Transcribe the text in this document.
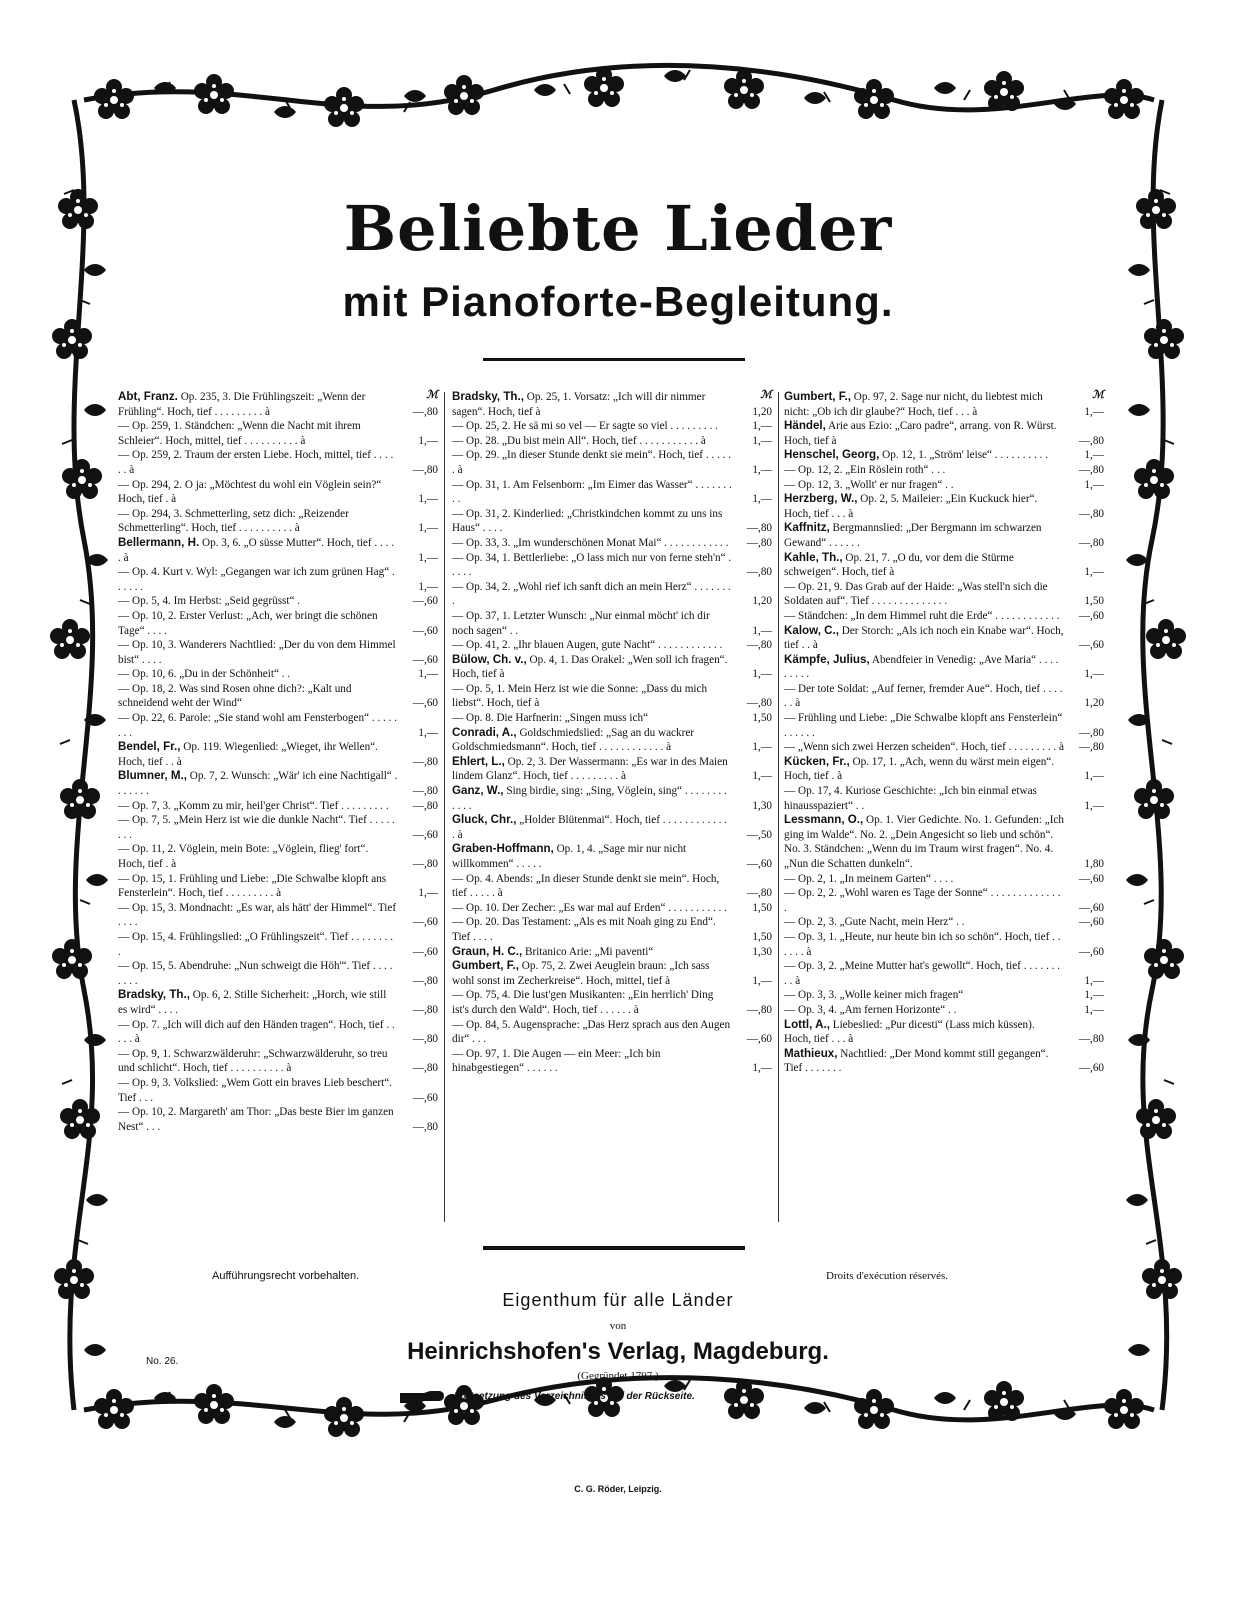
Beliebte Lieder
mit Pianoforte-Begleitung.
ℳ
Abt, Franz. Op. 235, 3. Die Frühlingszeit: „Wenn der Frühling“. Hoch, tief . . . . . . . . . à	—,80
— Op. 259, 1. Ständchen: „Wenn die Nacht mit ihrem Schleier“. Hoch, mittel, tief . . . . . . . . . . à	1,—
— Op. 259, 2. Traum der ersten Liebe. Hoch, mittel, tief . . . . . . à	—,80
— Op. 294, 2. O ja: „Möchtest du wohl ein Vöglein sein?“ Hoch, tief . à	1,—
— Op. 294, 3. Schmetterling, setz dich: „Reizender Schmetterling“. Hoch, tief . . . . . . . . . . à	1,—
Bellermann, H. Op. 3, 6. „O süsse Mutter“. Hoch, tief . . . . . à	1,—
— Op. 4. Kurt v. Wyl: „Gegangen war ich zum grünen Hag“ . . . . . .	1,—
— Op. 5, 4. Im Herbst: „Seid gegrüsst“ .	—,60
— Op. 10, 2. Erster Verlust: „Ach, wer bringt die schönen Tage“ . . . .	—,60
— Op. 10, 3. Wanderers Nachtlied: „Der du von dem Himmel bist“ . . . .	—,60
— Op. 10, 6. „Du in der Schönheit“ . .	1,—
— Op. 18, 2. Was sind Rosen ohne dich?: „Kalt und schneidend weht der Wind“	—,60
— Op. 22, 6. Parole: „Sie stand wohl am Fensterbogen“ . . . . . . . .	1,—
Bendel, Fr., Op. 119. Wiegenlied: „Wieget, ihr Wellen“. Hoch, tief . . à	—,80
Blumner, M., Op. 7, 2. Wunsch: „Wär' ich eine Nachtigall“ . . . . . . .	—,80
— Op. 7, 3. „Komm zu mir, heil'ger Christ“. Tief . . . . . . . . .	—,80
— Op. 7, 5. „Mein Herz ist wie die dunkle Nacht“. Tief . . . . . . . .	—,60
— Op. 11, 2. Vöglein, mein Bote: „Vöglein, flieg' fort“. Hoch, tief . à	—,80
— Op. 15, 1. Frühling und Liebe: „Die Schwalbe klopft ans Fensterlein“. Hoch, tief . . . . . . . . . à	1,—
— Op. 15, 3. Mondnacht: „Es war, als hätt' der Himmel“. Tief . . . .	—,60
— Op. 15, 4. Frühlingslied: „O Frühlingszeit“. Tief . . . . . . . . .	—,60
— Op. 15, 5. Abendruhe: „Nun schweigt die Höh'“. Tief . . . . . . . .	—,80
Bradsky, Th., Op. 6, 2. Stille Sicherheit: „Horch, wie still es wird“ . . . .	—,80
— Op. 7. „Ich will dich auf den Händen tragen“. Hoch, tief . . . . . à	—,80
— Op. 9, 1. Schwarzwälderuhr: „Schwarzwälderuhr, so treu und schlicht“. Hoch, tief . . . . . . . . . . à	—,80
— Op. 9, 3. Volkslied: „Wem Gott ein braves Lieb beschert“. Tief . . .	—,60
— Op. 10, 2. Margareth' am Thor: „Das beste Bier im ganzen Nest“ . . .	—,80
ℳ
Bradsky, Th., Op. 25, 1. Vorsatz: „Ich will dir nimmer sagen“. Hoch, tief à	1,20
— Op. 25, 2. He sä mi so vel — Er sagte so viel . . . . . . . . .	1,—
— Op. 28. „Du bist mein All“. Hoch, tief . . . . . . . . . . . à	1,—
— Op. 29. „In dieser Stunde denkt sie mein“. Hoch, tief . . . . . . à	1,—
— Op. 31, 1. Am Felsenborn: „Im Eimer das Wasser“ . . . . . . . . .	1,—
— Op. 31, 2. Kinderlied: „Christkindchen kommt zu uns ins Haus“ . . . .	—,80
— Op. 33, 3. „Im wunderschönen Monat Mai“ . . . . . . . . . . . .	—,80
— Op. 34, 1. Bettlerliebe: „O lass mich nur von ferne steh'n“ . . . . .	—,80
— Op. 34, 2. „Wohl rief ich sanft dich an mein Herz“ . . . . . . . .	1,20
— Op. 37, 1. Letzter Wunsch: „Nur einmal möcht' ich dir noch sagen“ . .	1,—
— Op. 41, 2. „Ihr blauen Augen, gute Nacht“ . . . . . . . . . . . .	—,80
Bülow, Ch. v., Op. 4, 1. Das Orakel: „Wen soll ich fragen“. Hoch, tief à	1,—
— Op. 5, 1. Mein Herz ist wie die Sonne: „Dass du mich liebst“. Hoch, tief à	—,80
— Op. 8. Die Harfnerin: „Singen muss ich“	1,50
Conradi, A., Goldschmiedslied: „Sag an du wackrer Goldschmiedsmann“. Hoch, tief . . . . . . . . . . . . à	1,—
Ehlert, L., Op. 2, 3. Der Wassermann: „Es war in des Maien lindem Glanz“. Hoch, tief . . . . . . . . . à	1,—
Ganz, W., Sing birdie, sing: „Sing, Vöglein, sing“ . . . . . . . . . . . .	1,30
Gluck, Chr., „Holder Blütenmai“. Hoch, tief . . . . . . . . . . . . . à	—,50
Graben-Hoffmann, Op. 1, 4. „Sage mir nur nicht willkommen“ . . . . .	—,60
— Op. 4. Abends: „In dieser Stunde denkt sie mein“. Hoch, tief . . . . . à	—,80
— Op. 10. Der Zecher: „Es war mal auf Erden“ . . . . . . . . . . .	1,50
— Op. 20. Das Testament: „Als es mit Noah ging zu End“. Tief . . . .	1,50
Graun, H. C., Britanico Arie: „Mi paventi“	1,30
Gumbert, F., Op. 75, 2. Zwei Aeuglein braun: „Ich sass wohl sonst im Zecherkreise“. Hoch, mittel, tief à	1,—
— Op. 75, 4. Die lust'gen Musikanten: „Ein herrlich' Ding ist's durch den Wald“. Hoch, tief . . . . . . à	—,80
— Op. 84, 5. Augensprache: „Das Herz sprach aus den Augen dir“ . . .	—,60
— Op. 97, 1. Die Augen — ein Meer: „Ich bin hinabgestiegen“ . . . . . .	1,—
ℳ
Gumbert, F., Op. 97, 2. Sage nur nicht, du liebtest mich nicht: „Ob ich dir glaube?“ Hoch, tief . . . à	1,—
Händel, Arie aus Ezio: „Caro padre“, arrang. von R. Würst. Hoch, tief à	—,80
Henschel, Georg, Op. 12, 1. „Ström' leise“ . . . . . . . . . .	1,—
— Op. 12, 2. „Ein Röslein roth“ . . .	—,80
— Op. 12, 3. „Wollt' er nur fragen“ . .	1,—
Herzberg, W., Op. 2, 5. Maileier: „Ein Kuckuck hier“. Hoch, tief . . . à	—,80
Kaffnitz, Bergmannslied: „Der Bergmann im schwarzen Gewand“ . . . . . .	—,80
Kahle, Th., Op. 21, 7. „O du, vor dem die Stürme schweigen“. Hoch, tief à	1,—
— Op. 21, 9. Das Grab auf der Haide: „Was stell'n sich die Soldaten auf“. Tief . . . . . . . . . . . . . .	1,50
— Ständchen: „In dem Himmel ruht die Erde“ . . . . . . . . . . . .	—,60
Kalow, C., Der Storch: „Als ich noch ein Knabe war“. Hoch, tief . . à	—,60
Kämpfe, Julius, Abendfeier in Venedig: „Ave Maria“ . . . . . . . . .	1,—
— Der tote Soldat: „Auf ferner, fremder Aue“. Hoch, tief . . . . . . à	1,20
— Frühling und Liebe: „Die Schwalbe klopft ans Fensterlein“ . . . . . .	—,80
— „Wenn sich zwei Herzen scheiden“. Hoch, tief . . . . . . . . . à	—,80
Kücken, Fr., Op. 17, 1. „Ach, wenn du wärst mein eigen“. Hoch, tief . à	1,—
— Op. 17, 4. Kuriose Geschichte: „Ich bin einmal etwas hinausspaziert“ . .	1,—
Lessmann, O., Op. 1. Vier Gedichte. No. 1. Gefunden: „Ich ging im Walde“. No. 2. „Dein Angesicht so lieb und schön“. No. 3. Ständchen: „Wenn du im Traum wirst fragen“. No. 4. „Nun die Schatten dunkeln“.	1,80
— Op. 2, 1. „In meinem Garten“ . . . .	—,60
— Op. 2, 2. „Wohl waren es Tage der Sonne“ . . . . . . . . . . . . . .	—,60
— Op. 2, 3. „Gute Nacht, mein Herz“ . .	—,60
— Op. 3, 1. „Heute, nur heute bin ich so schön“. Hoch, tief . . . . . . à	—,60
— Op. 3, 2. „Meine Mutter hat's gewollt“. Hoch, tief . . . . . . . . . à	1,—
— Op. 3, 3. „Wolle keiner mich fragen“	1,—
— Op. 3, 4. „Am fernen Horizonte“ . .	1,—
Lottl, A., Liebeslied: „Pur dicesti“ (Lass mich küssen). Hoch, tief . . . à	—,80
Mathieux, Nachtlied: „Der Mond kommt still gegangen“. Tief . . . . . . .	—,60
Aufführungsrecht vorbehalten.	Droits d'exécution réservés.
Eigenthum für alle Länder
von
No. 26.	Heinrichshofen's Verlag, Magdeburg.
(Gegründet 1797.)
Fortsetzung des Verzeichnisses auf der Rückseite.
C. G. Röder, Leipzig.
